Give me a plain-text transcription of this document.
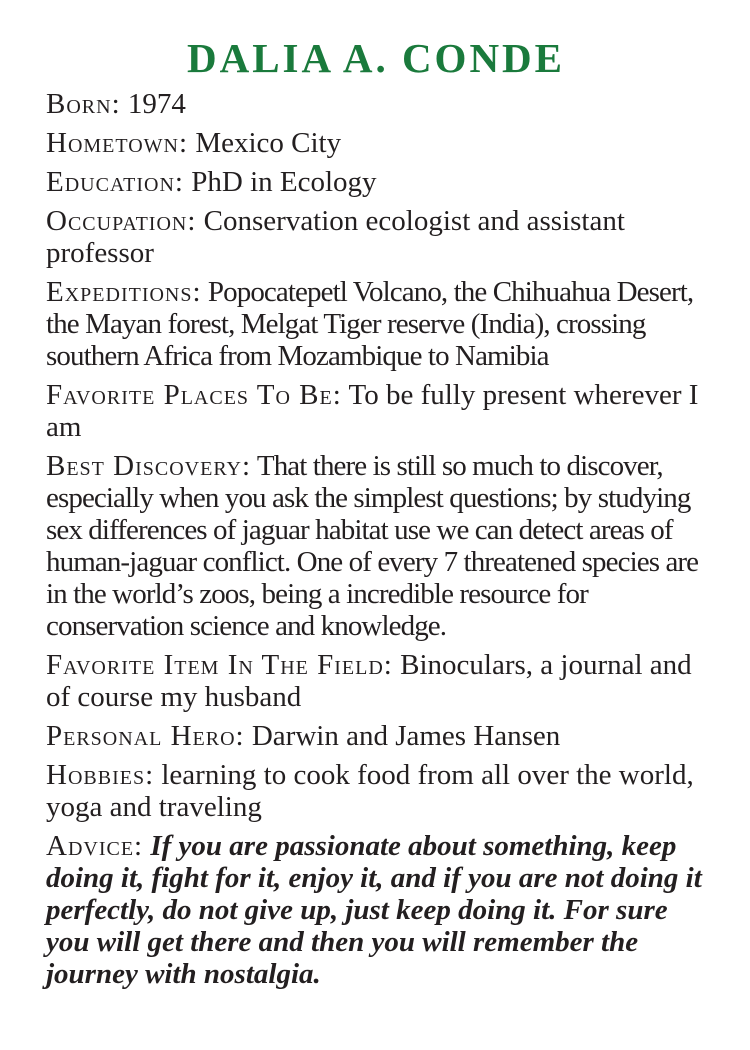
DALIA A. CONDE
Born: 1974
Hometown: Mexico City
Education: PhD in Ecology
Occupation: Conservation ecologist and assistant professor
Expeditions: Popocatepetl Volcano, the Chihuahua Desert, the Mayan forest, Melgat Tiger reserve (India), crossing southern Africa from Mozambique to Namibia
Favorite Places To Be: To be fully present wherever I am
Best Discovery: That there is still so much to discover, especially when you ask the simplest questions; by studying sex differences of jaguar habitat use we can detect areas of human-jaguar conflict. One of every 7 threatened species are in the world’s zoos, being a incredible resource for conservation science and knowledge.
Favorite Item In The Field: Binoculars, a journal and of course my husband
Personal Hero: Darwin and James Hansen
Hobbies: learning to cook food from all over the world, yoga and traveling
Advice: If you are passionate about something, keep doing it, fight for it, enjoy it, and if you are not doing it perfectly, do not give up, just keep doing it. For sure you will get there and then you will remember the journey with nostalgia.
